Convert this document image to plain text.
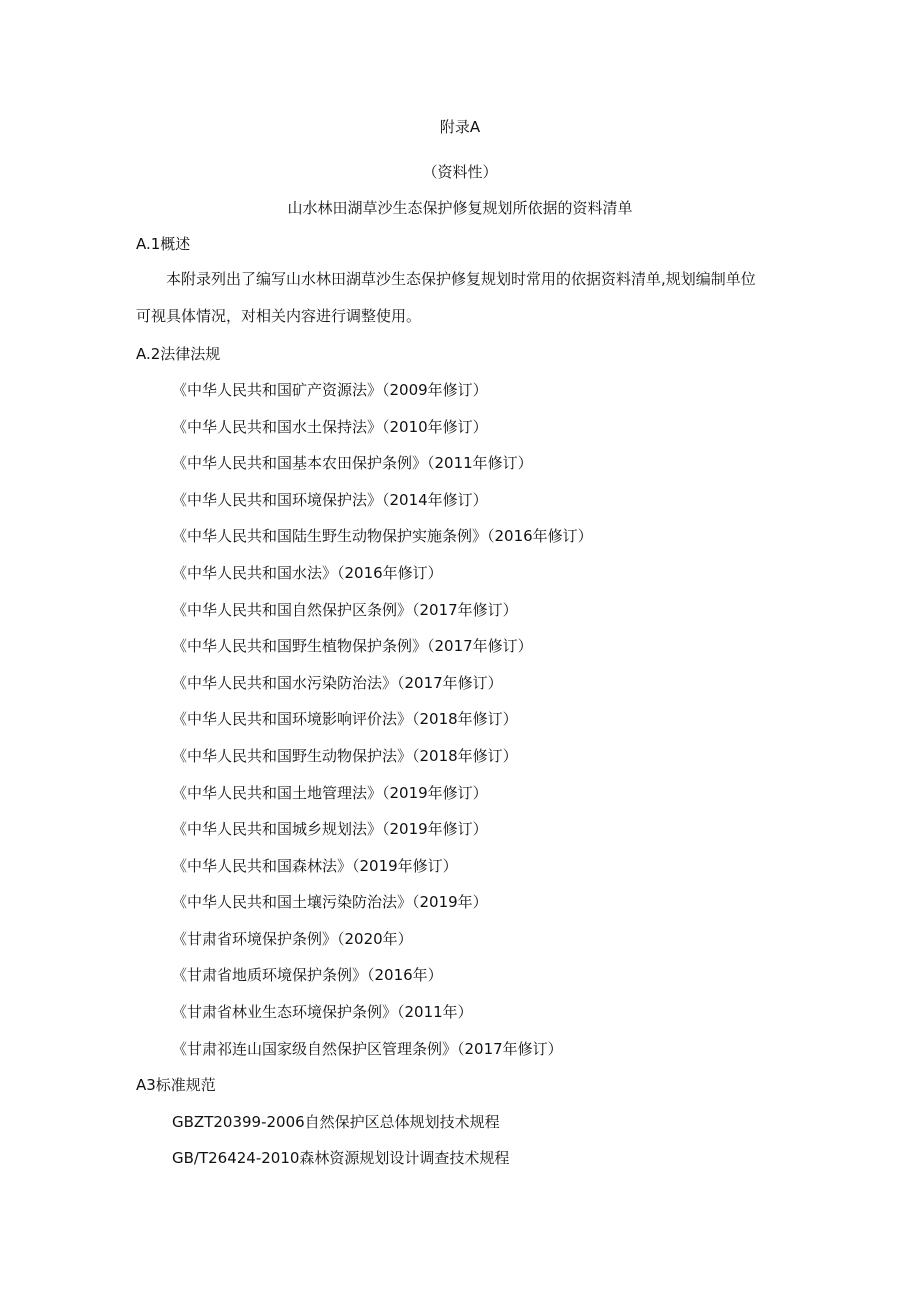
附录A
（资料性）
山水林田湖草沙生态保护修复规划所依据的资料清单
A.1概述
本附录列出了编写山水林田湖草沙生态保护修复规划时常用的依据资料清单,规划编制单位
可视具体情况，对相关内容进行调整使用。
A.2法律法规
《中华人民共和国矿产资源法》（2009年修订）
《中华人民共和国水土保持法》（2010年修订）
《中华人民共和国基本农田保护条例》（2011年修订）
《中华人民共和国环境保护法》（2014年修订）
《中华人民共和国陆生野生动物保护实施条例》（2016年修订）
《中华人民共和国水法》（2016年修订）
《中华人民共和国自然保护区条例》（2017年修订）
《中华人民共和国野生植物保护条例》（2017年修订）
《中华人民共和国水污染防治法》（2017年修订）
《中华人民共和国环境影响评价法》（2018年修订）
《中华人民共和国野生动物保护法》（2018年修订）
《中华人民共和国土地管理法》（2019年修订）
《中华人民共和国城乡规划法》（2019年修订）
《中华人民共和国森林法》（2019年修订）
《中华人民共和国土壤污染防治法》（2019年）
《甘肃省环境保护条例》（2020年）
《甘肃省地质环境保护条例》（2016年）
《甘肃省林业生态环境保护条例》（2011年）
《甘肃祁连山国家级自然保护区管理条例》（2017年修订）
A3标准规范
GBZT20399-2006自然保护区总体规划技术规程
GB/T26424-2010森林资源规划设计调查技术规程
